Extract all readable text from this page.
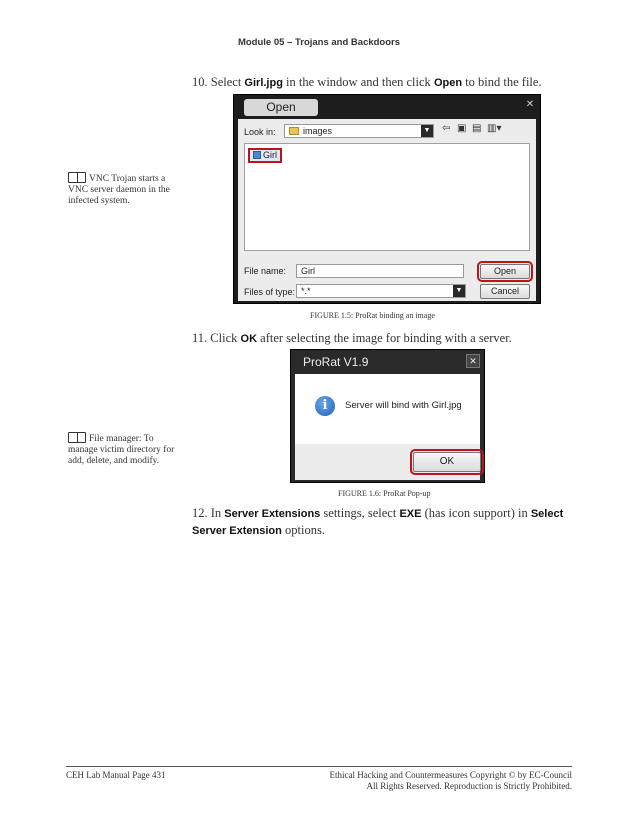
Module 05 – Trojans and Backdoors
10. Select Girl.jpg in the window and then click Open to bind the file.
VNC Trojan starts a VNC server daemon in the infected system.
Open	✕
Look in:	images	▼ ⇦ ▣ ▤ ▥▾
Girl
File name:	Girl
Files of type: *.*	▼
Open
Cancel
FIGURE 1.5: ProRat binding an image
11. Click OK after selecting the image for binding with a server.
ProRat V1.9	✕
i	Server will bind with Girl.jpg
OK
FIGURE 1.6: ProRat Pop-up
File manager: To manage victim directory for add, delete, and modify.
12. In Server Extensions settings, select EXE (has icon support) in Select Server Extension options.
CEH Lab Manual Page 431	Ethical Hacking and Countermeasures Copyright © by EC-Council
All Rights Reserved. Reproduction is Strictly Prohibited.
